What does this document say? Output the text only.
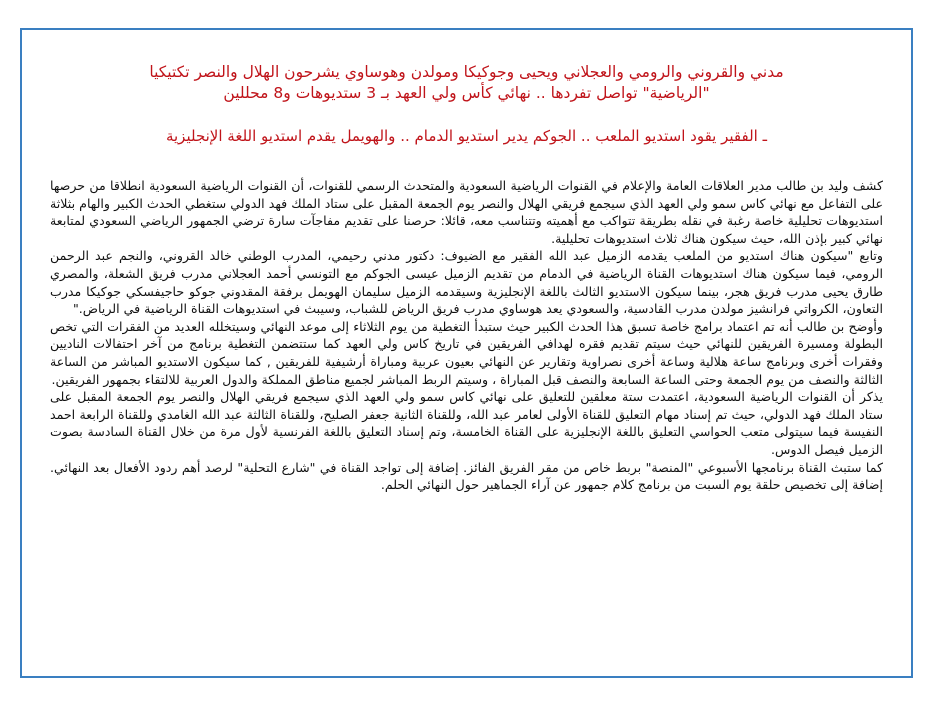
مدني والقروني والرومي والعجلاني ويحيى وجوكيكا ومولدن وهوساوي يشرحون الهلال والنصر تكتيكيا
"الرياضية" تواصل تفردها .. نهائي كأس ولي العهد بـ 3 ستديوهات و8 محللين

ـ الفقير يقود استديو الملعب .. الجوكم يدير استديو الدمام .. والهويمل يقدم استديو اللغة الإنجليزية

كشف وليد بن طالب مدير العلاقات العامة والإعلام في القنوات الرياضية السعودية والمتحدث الرسمي للقنوات، أن القنوات الرياضية السعودية انطلاقا من حرصها على التفاعل مع نهائي كاس سمو ولي العهد الذي سيجمع فريقي الهلال والنصر يوم الجمعة المقبل على ستاد الملك فهد الدولي ستغطي الحدث الكبير والهام بثلاثة استديوهات تحليلية خاصة رغبة في نقله بطريقة تتواكب مع أهميته وتتناسب معه، قائلا: حرصنا على تقديم مفاجآت سارة ترضي الجمهور الرياضي السعودي لمتابعة نهائي كبير بإذن الله، حيث سيكون هناك ثلاث استديوهات تحليلية.

وتابع "سيكون هناك استديو من الملعب يقدمه الزميل عبد الله الفقير مع الضيوف: دكتور مدني رحيمي، المدرب الوطني خالد القروني، والنجم عبد الرحمن الرومي، فيما سيكون هناك استديوهات القناة الرياضية في الدمام من تقديم الزميل عيسى الجوكم مع التونسي أحمد العجلاني مدرب فريق الشعلة، والمصري طارق يحيى مدرب فريق هجر، بينما سيكون الاستديو الثالث باللغة الإنجليزية وسيقدمه الزميل سليمان الهويمل برفقة المقدوني جوكو حاجيفسكي جوكيكا مدرب التعاون، الكرواتي فرانشيز مولدن مدرب القادسية، والسعودي يعد هوساوي مدرب فريق الرياض للشباب، وسيبث في استديوهات القناة الرياضية في الرياض."

وأوضح بن طالب أنه تم اعتماد برامج خاصة تسبق هذا الحدث الكبير حيث ستبدأ التغطية من يوم الثلاثاء إلى موعد النهائي وسيتخلله العديد من الفقرات التي تخص البطولة ومسيرة الفريقين للنهائي حيث سيتم تقديم فقره لهدافي الفريقين في تاريخ كاس ولي العهد كما ستتضمن التغطية برنامج من آخر احتفالات الناديين وفقرات أخرى وبرنامج ساعة هلالية وساعة أخرى نصراوية وتقارير عن النهائي بعيون عربية ومباراة أرشيفية للفريقين , كما سيكون الاستديو المباشر من الساعة الثالثة والنصف من يوم الجمعة وحتى الساعة السابعة والنصف قبل المباراة ، وسيتم الربط المباشر لجميع مناطق المملكة والدول العربية للالتقاء بجمهور الفريقين.

يذكر أن القنوات الرياضية السعودية، اعتمدت ستة معلقين للتعليق على نهائي كاس سمو ولي العهد الذي سيجمع فريقي الهلال والنصر يوم الجمعة المقبل على ستاد الملك فهد الدولي، حيث تم إسناد مهام التعليق للقناة الأولى لعامر عبد الله، وللقناة الثانية جعفر الصليح، وللقناة الثالثة عبد الله الغامدي وللقناة الرابعة احمد النفيسة فيما سيتولى متعب الحواسي التعليق باللغة الإنجليزية على القناة الخامسة، وتم إسناد التعليق باللغة الفرنسية لأول مرة من خلال القناة السادسة بصوت الزميل فيصل الدوس.

كما ستبث القناة برنامجها الأسبوعي "المنصة" بربط خاص من مقر الفريق الفائز. إضافة إلى تواجد القناة في "شارع التحلية" لرصد أهم ردود الأفعال بعد النهائي. إضافة إلى تخصيص حلقة يوم السبت من برنامج كلام جمهور عن آراء الجماهير حول النهائي الحلم.
